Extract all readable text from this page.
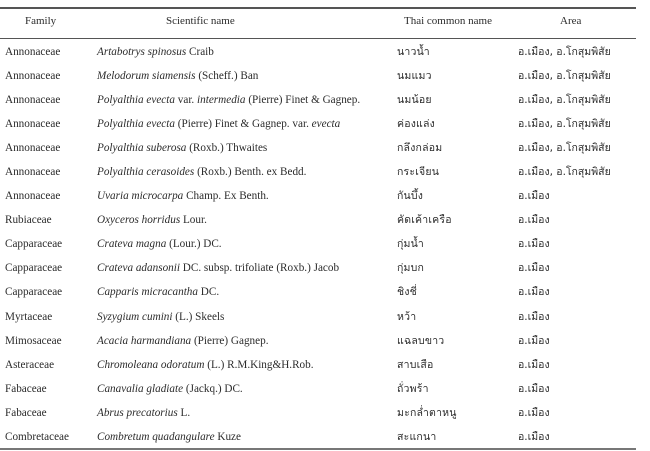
Family	Scientific name	Thai common name	Area
Annonaceae	Artabotrys spinosus Craib	นาวน้ำ	อ.เมือง, อ.โกสุมพิสัย
Annonaceae	Melodorum siamensis (Scheff.) Ban	นมแมว	อ.เมือง, อ.โกสุมพิสัย
Annonaceae	Polyalthia evecta var. intermedia (Pierre) Finet & Gagnep.	นมน้อย	อ.เมือง, อ.โกสุมพิสัย
Annonaceae	Polyalthia evecta (Pierre) Finet & Gagnep. var. evecta	ค่องแล่ง	อ.เมือง, อ.โกสุมพิสัย
Annonaceae	Polyalthia suberosa (Roxb.) Thwaites	กลึงกล่อม	อ.เมือง, อ.โกสุมพิสัย
Annonaceae	Polyalthia cerasoides (Roxb.) Benth. ex Bedd.	กระเจียน	อ.เมือง, อ.โกสุมพิสัย
Annonaceae	Uvaria microcarpa Champ. Ex Benth.	กันบึ้ง	อ.เมือง
Rubiaceae	Oxyceros horridus Lour.	คัดเค้าเครือ	อ.เมือง
Capparaceae	Crateva magna (Lour.) DC.	กุ่มน้ำ	อ.เมือง
Capparaceae	Crateva adansonii DC. subsp. trifoliate (Roxb.) Jacob	กุ่มบก	อ.เมือง
Capparaceae	Capparis micracantha DC.	ชิงชี่	อ.เมือง
Myrtaceae	Syzygium cumini (L.) Skeels	หว้า	อ.เมือง
Mimosaceae	Acacia harmandiana (Pierre) Gagnep.	แฉลบขาว	อ.เมือง
Asteraceae	Chromoleana odoratum (L.) R.M.King&H.Rob.	สาบเสือ	อ.เมือง
Fabaceae	Canavalia gladiate (Jackq.) DC.	ถั่วพร้า	อ.เมือง
Fabaceae	Abrus precatorius L.	มะกล่ำตาหนู	อ.เมือง
Combretaceae	Combretum quadangulare Kuze	สะแกนา	อ.เมือง
